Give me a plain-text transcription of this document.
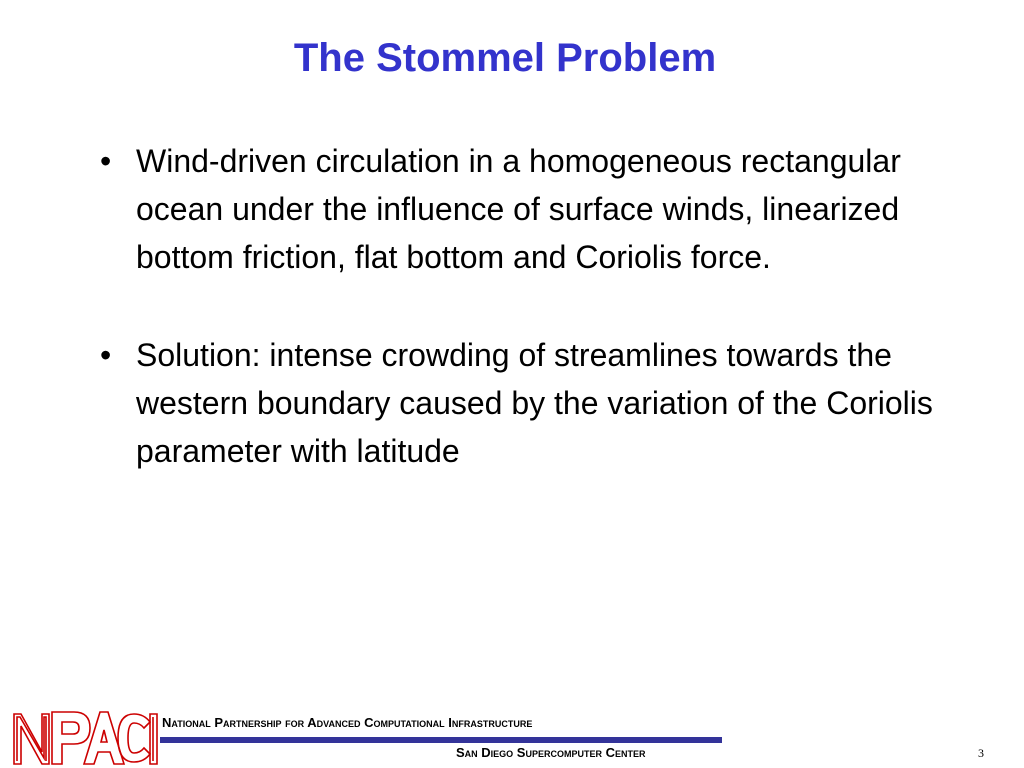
The Stommel Problem
• Wind-driven circulation in a homogeneous rectangular ocean under the influence of surface winds, linearized bottom friction, flat bottom and Coriolis force.
• Solution: intense crowding of streamlines towards the western boundary caused by the variation of the Coriolis parameter with latitude
National Partnership for Advanced Computational Infrastructure
San Diego Supercomputer Center	3
